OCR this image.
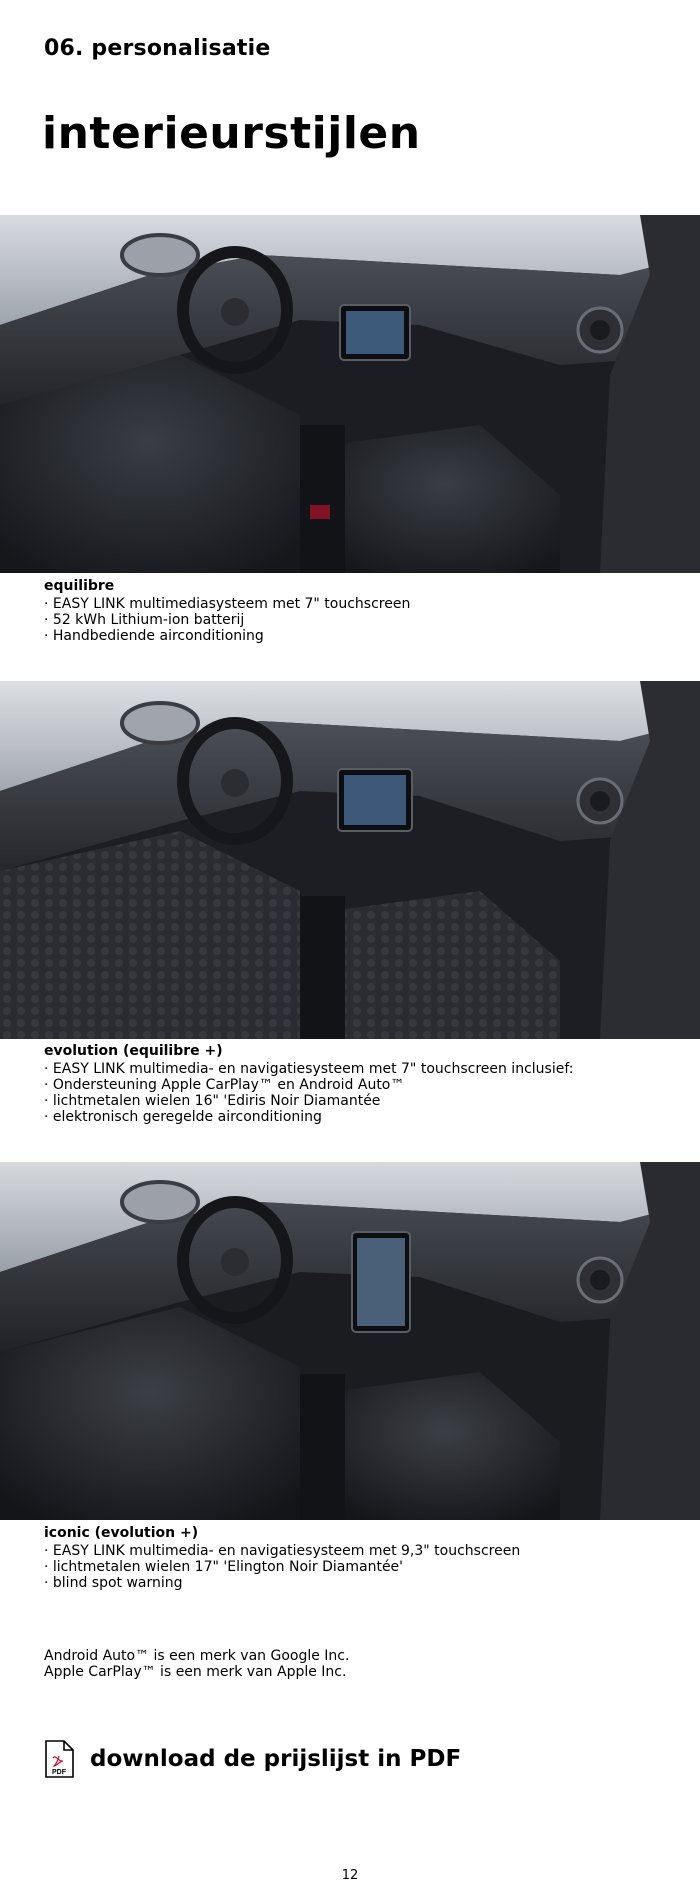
06. personalisatie
interieurstijlen
equilibre
· EASY LINK multimediasysteem met 7" touchscreen
· 52 kWh Lithium-ion batterij
· Handbediende airconditioning
evolution (equilibre +)
· EASY LINK multimedia- en navigatiesysteem met 7" touchscreen inclusief:
· Ondersteuning Apple CarPlay™ en Android Auto™
· lichtmetalen wielen 16" 'Ediris Noir Diamantée
· elektronisch geregelde airconditioning
iconic (evolution +)
· EASY LINK multimedia- en navigatiesysteem met 9,3" touchscreen
· lichtmetalen wielen 17" 'Elington Noir Diamantée'
· blind spot warning
Android Auto™ is een merk van Google Inc.
Apple CarPlay™ is een merk van Apple Inc.
PDF
download de prijslijst in PDF
12
